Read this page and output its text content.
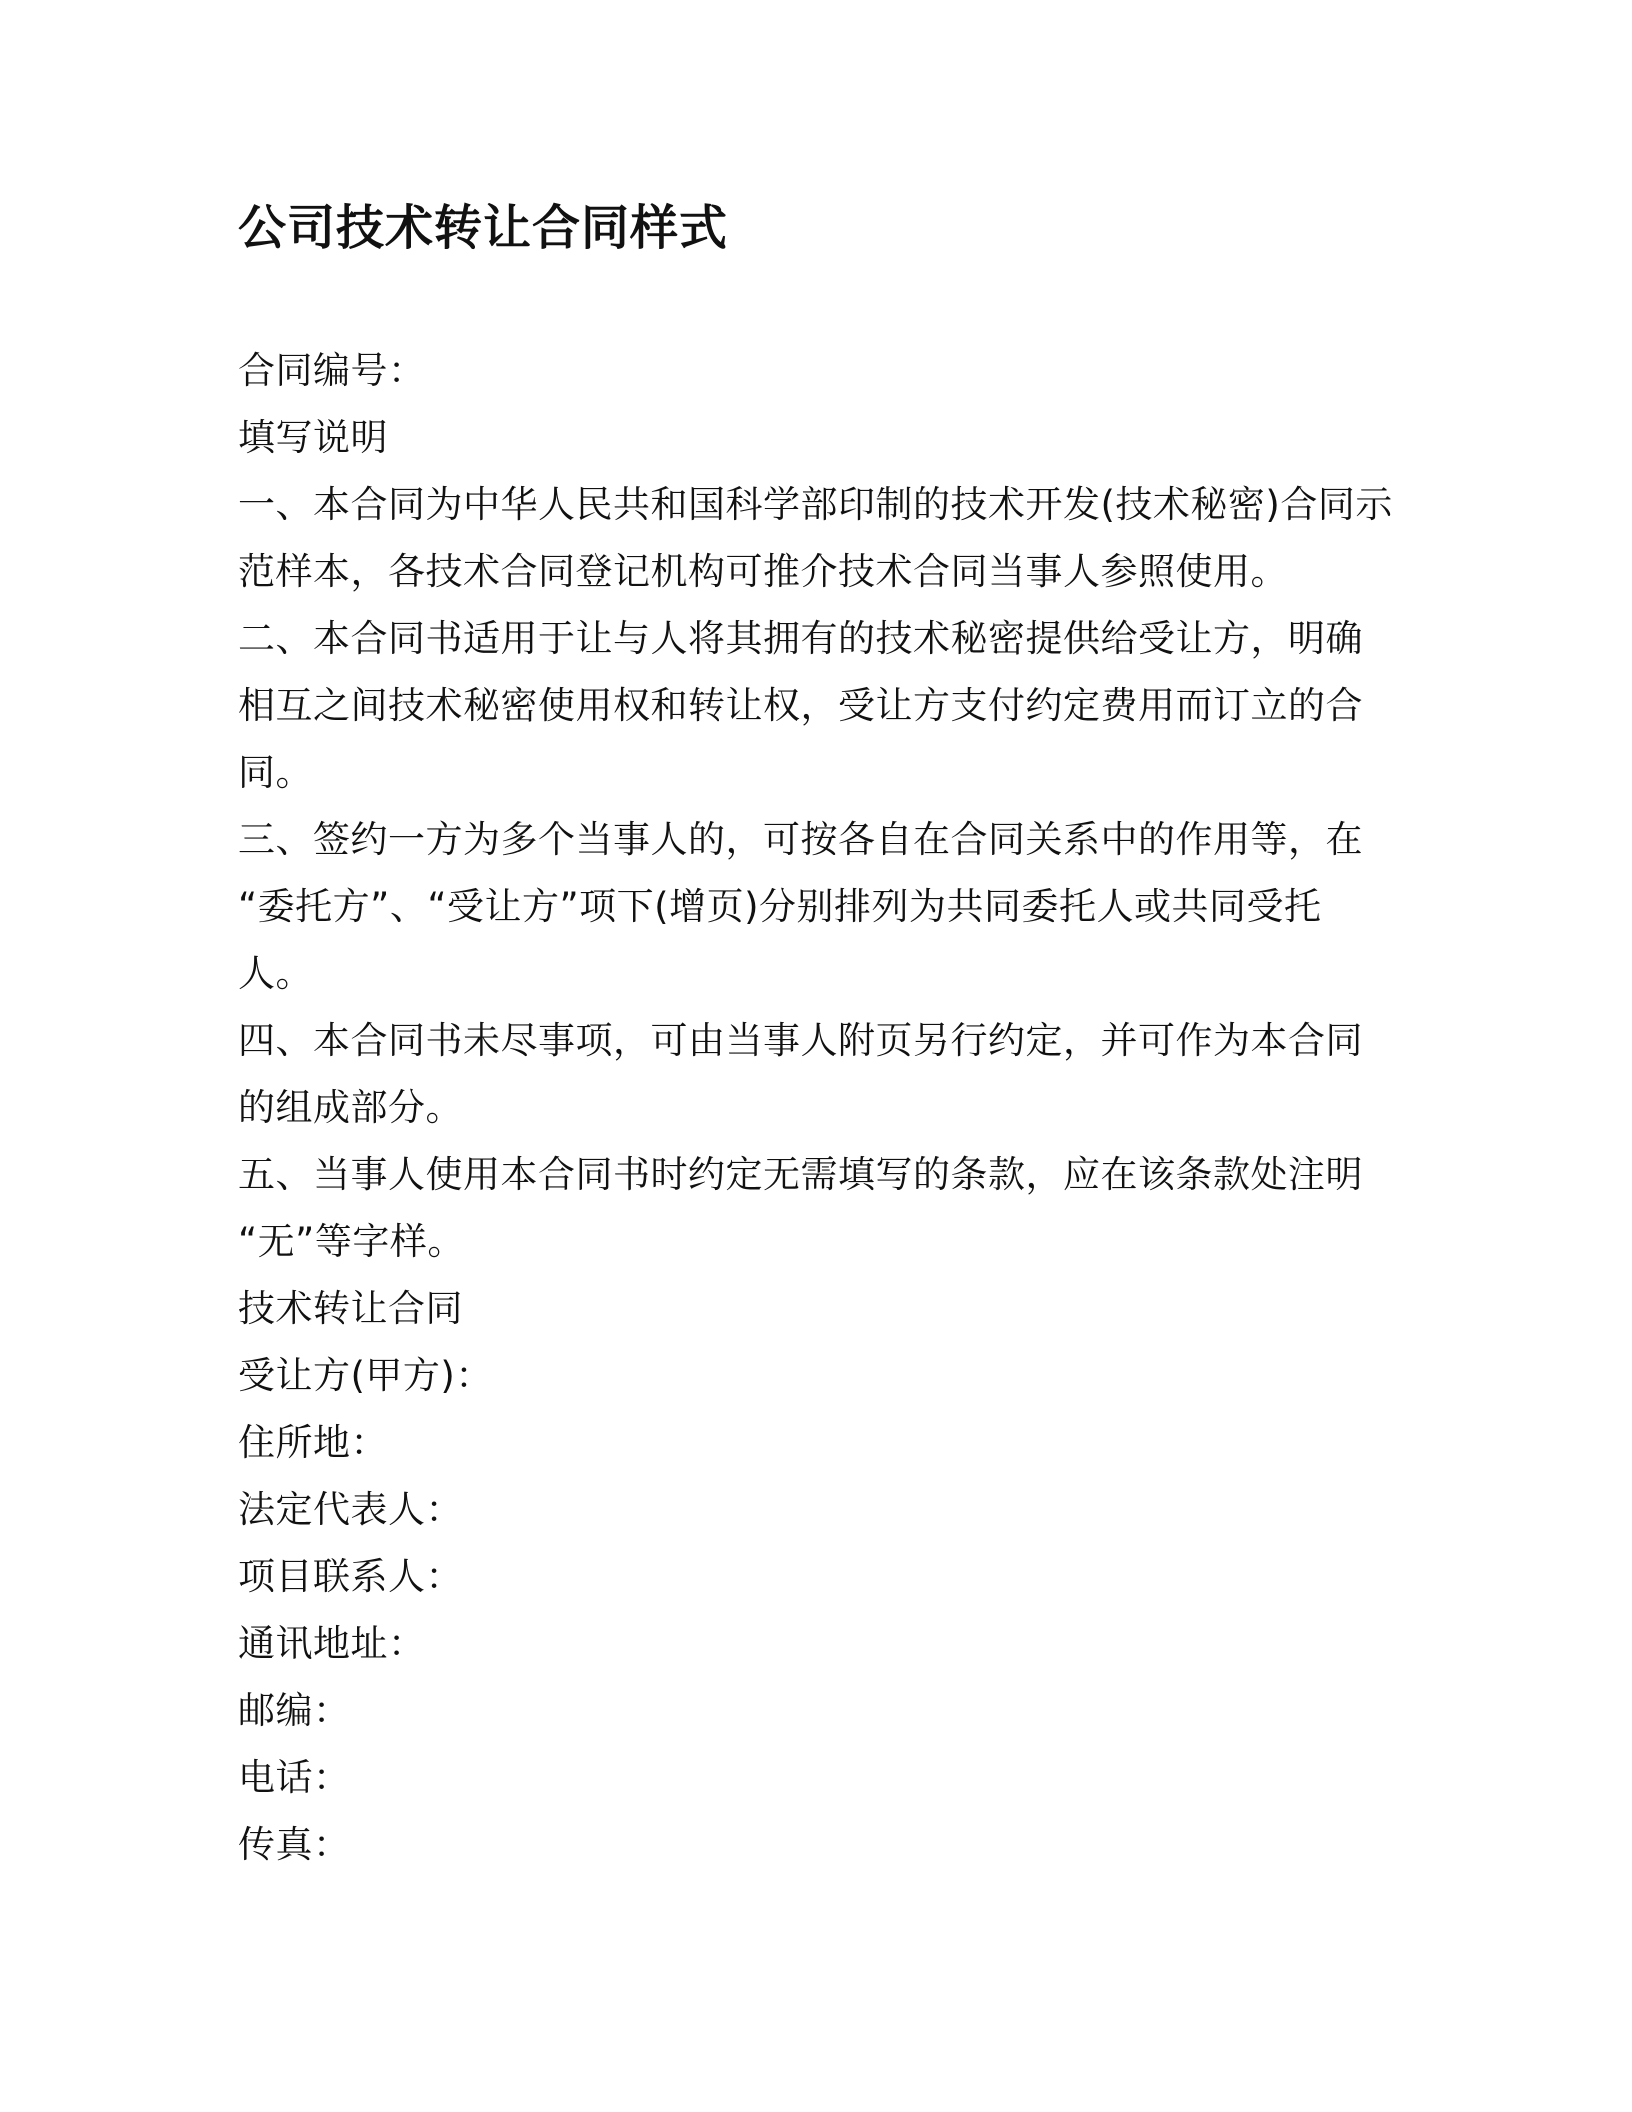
公司技术转让合同样式
合同编号：
填写说明
一、本合同为中华人民共和国科学部印制的技术开发(技术秘密)合同示
范样本，各技术合同登记机构可推介技术合同当事人参照使用。
二、本合同书适用于让与人将其拥有的技术秘密提供给受让方，明确
相互之间技术秘密使用权和转让权，受让方支付约定费用而订立的合
同。
三、签约一方为多个当事人的，可按各自在合同关系中的作用等，在
“委托方”、“受让方”项下(增页)分别排列为共同委托人或共同受托
人。
四、本合同书未尽事项，可由当事人附页另行约定，并可作为本合同
的组成部分。
五、当事人使用本合同书时约定无需填写的条款，应在该条款处注明
“无”等字样。
技术转让合同
受让方(甲方)：
住所地：
法定代表人：
项目联系人：
通讯地址：
邮编：
电话：
传真：
